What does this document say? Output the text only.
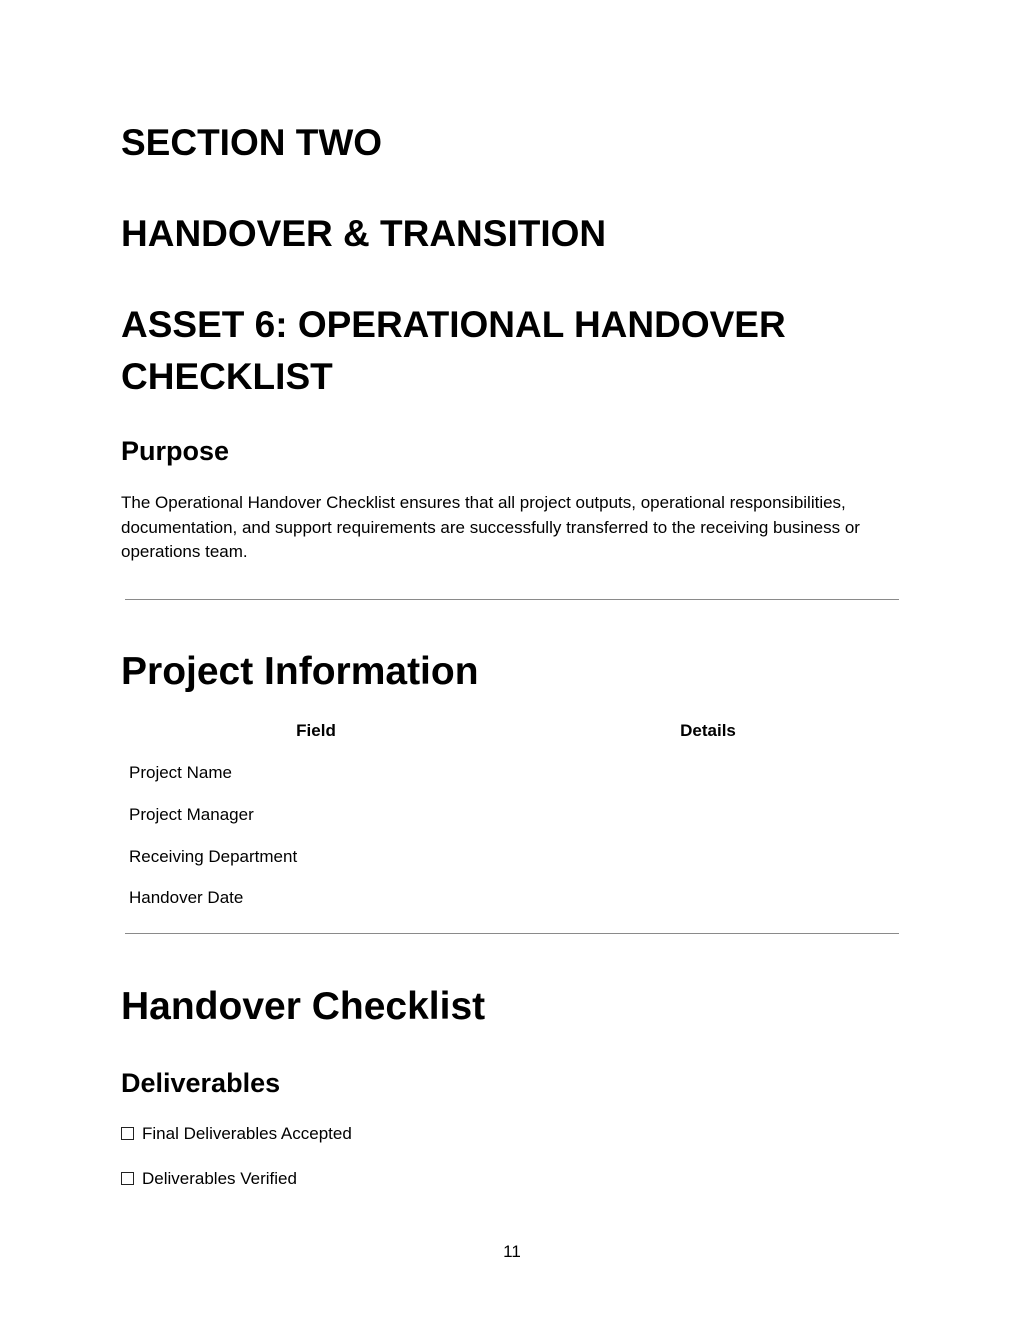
SECTION TWO
HANDOVER & TRANSITION
ASSET 6: OPERATIONAL HANDOVER
CHECKLIST
Purpose

The Operational Handover Checklist ensures that all project outputs, operational responsibilities, documentation, and support requirements are successfully transferred to the receiving business or operations team.

Project Information
Field	Details
Project Name
Project Manager
Receiving Department
Handover Date
Handover Checklist
Deliverables
Final Deliverables Accepted
Deliverables Verified
11
